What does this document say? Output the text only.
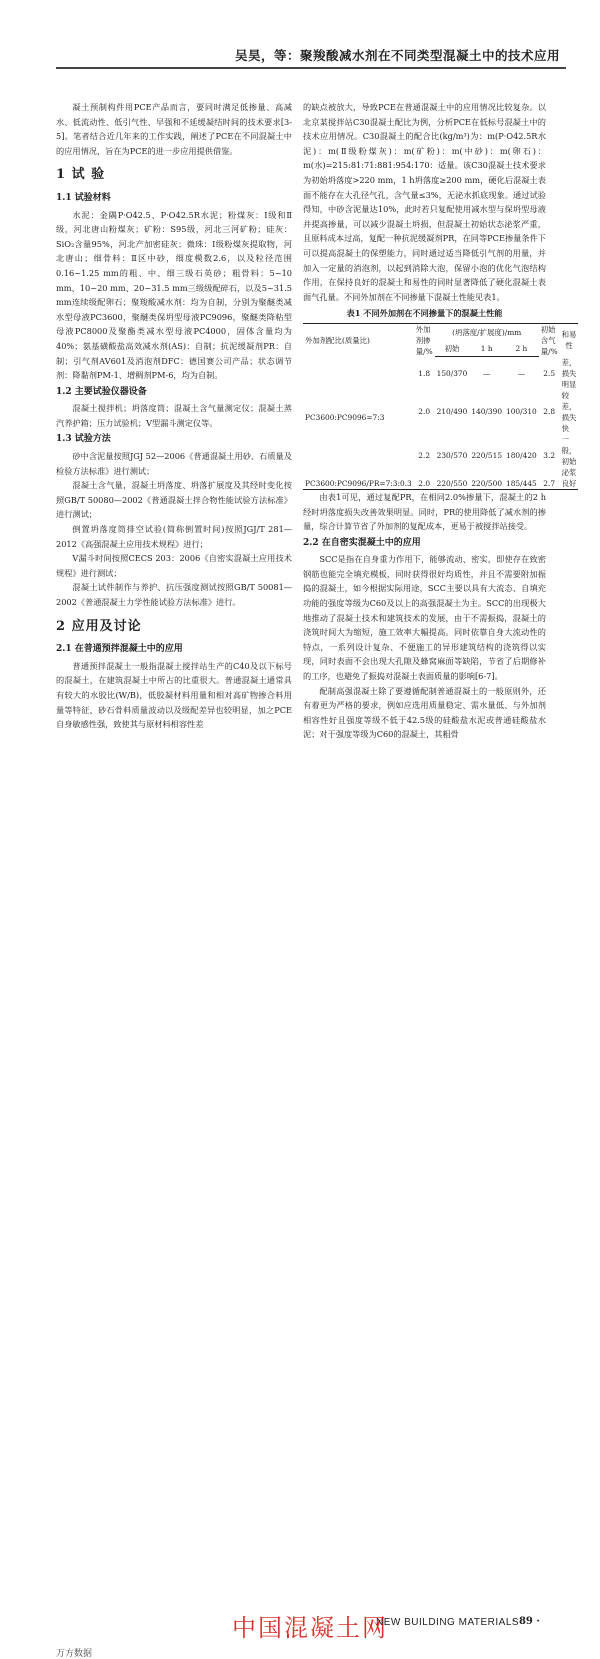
吴昊，等：聚羧酸减水剂在不同类型混凝土中的技术应用

凝土预制构件用PCE产品而言，要同时满足低掺量、高减水、低流动性、低引气性、早强和不延缓凝结时间的技术要求[3-5]。笔者结合近几年来的工作实践，阐述了PCE在不同混凝土中的应用情况，旨在为PCE的进一步应用提供借鉴。

1 试 验
1.1 试验材料

水泥：金隅P·O42.5、P·O42.5R水泥；粉煤灰：Ⅰ级和Ⅱ级，河北唐山粉煤灰；矿粉：S95级，河北三河矿粉；硅灰：SiO₂含量95%，河北产加密硅灰；微珠：Ⅰ级粉煤灰提取物，河北唐山；细骨料：Ⅱ区中砂，细度模数2.6，以及粒径范围0.16~1.25 mm的粗、中、细三级石英砂；粗骨料：5~10 mm、10~20 mm、20~31.5 mm三级级配碎石，以及5~31.5 mm连续级配卵石；聚羧酸减水剂：均为自制，分别为聚醚类减水型母液PC3600，聚醚类保坍型母液PC9096，聚醚类降粘型母液PC8000及聚酯类减水型母液PC4000，固体含量均为40%；氨基磺酸盐高效减水剂(AS)：自制；抗泥缓凝剂PR：自制；引气剂AV601及消泡剂DFC：德国赛公司产品；状态调节剂：降黏剂PM-1、增稠剂PM-6，均为自制。

1.2 主要试验仪器设备

混凝土搅拌机；坍落度筒；混凝土含气量测定仪；混凝土蒸汽养护箱；压力试验机；V型漏斗测定仪等。

1.3 试验方法

砂中含泥量按照JGJ 52—2006《普通混凝土用砂、石质量及检验方法标准》进行测试；

混凝土含气量，混凝土坍落度、坍落扩展度及其经时变化按照GB/T 50080—2002《普通混凝土拌合物性能试验方法标准》进行测试；

倒置坍落度筒排空试验(简称倒置时间)按照JGJ/T 281—2012《高强混凝土应用技术规程》进行；

V漏斗时间按照CECS 203：2006《自密实混凝土应用技术规程》进行测试；

混凝土试件制作与养护、抗压强度测试按照GB/T 50081—2002《普通混凝土力学性能试验方法标准》进行。

2 应用及讨论
2.1 在普通预拌混凝土中的应用

普通预拌混凝土一般指混凝土搅拌站生产的C40及以下标号的混凝土，在建筑混凝土中所占的比重很大。普通混凝土通常具有较大的水胶比(W/B)，低胶凝材料用量和相对高矿物掺合料用量等特征，砂石骨料质量波动以及级配差异也较明显，加之PCE自身敏感性强，致使其与原材料相容性差

的缺点被放大，导致PCE在普通混凝土中的应用情况比较复杂。以北京某搅拌站C30混凝土配比为例，分析PCE在低标号混凝土中的技术应用情况。C30混凝土的配合比(kg/m³)为：m(P·O42.5R水泥)：m(Ⅱ级粉煤灰)：m(矿粉)：m(中砂)：m(卵石)：m(水)=215:81:71:881:954:170：适量。该C30混凝土技术要求为初始坍落度>220 mm，1 h坍落度≥200 mm，硬化后混凝土表面不能存在大孔径气孔，含气量≤3%，无泌水抓底现象。通过试验得知，中砂含泥量达10%，此时若只复配使用减水型与保坍型母液并提高掺量，可以减少混凝土坍损，但混凝土初始状态泌浆严重，且原料成本过高，复配一种抗泥缓凝剂PR，在同等PCE掺量条件下可以提高混凝土的保塑能力，同时通过适当降低引气剂的用量，并加入一定量的消泡剂，以起到消除大泡，保留小泡的优化气泡结构作用，在保持良好的混凝土和易性的同时显著降低了硬化混凝土表面气孔量。不同外加剂在不同掺量下混凝土性能见表1。

表1 不同外加剂在不同掺量下的混凝土性能
外加剂配比(质量比)	外加剂掺量/%	(坍落度/扩展度)/mm			初始含气量/%	和易性
		初始	1 h	2 h		
PC3600:PC9096=7:3	1.8	150/370	—	—	2.5	差，损失明显
	2.0	210/490	140/390	100/310	2.8	较差，损失快
	2.2	230/570	220/515	180/420	3.2	一般，初始泌浆
PC3600:PC9096/PR=7:3:0.3	2.0	220/550	220/500	185/445	2.7	良好

由表1可见，通过复配PR，在相同2.0%掺量下，混凝土的2 h经时坍落度损失改善效果明显。同时，PR的使用降低了减水剂的掺量，综合计算节省了外加剂的复配成本，更易于被搅拌站接受。

2.2 在自密实混凝土中的应用

SCC是指在自身重力作用下，能够流动、密实，即使存在致密钢筋也能完全填充模板，同时获得很好均质性，并且不需要附加振捣的混凝土，如今根据实际用途，SCC主要以具有大流态、自填充功能的强度等级为C60及以上的高强混凝土为主。SCC的出现极大地推动了混凝土技术和建筑技术的发展，由于不需振捣，混凝土的浇筑时间大为缩短，施工效率大幅提高。同时依靠自身大流动性的特点，一系列设计复杂、不便施工的异形建筑结构的浇筑得以实现，同时表面不会出现大孔隙及蜂窝麻面等缺陷，节省了后期修补的工序，也避免了振捣对混凝土表面质量的影响[6-7]。

配制高强混凝土除了要遵循配制普通混凝土的一般原则外，还有着更为严格的要求，例如应选用质量稳定、需水量低、与外加剂相容性好且强度等级不低于42.5级的硅酸盐水泥或普通硅酸盐水泥；对于强度等级为C60的混凝土，其粗骨

中国混凝土网
NEW BUILDING MATERIALS
· 89 ·
万方数据
